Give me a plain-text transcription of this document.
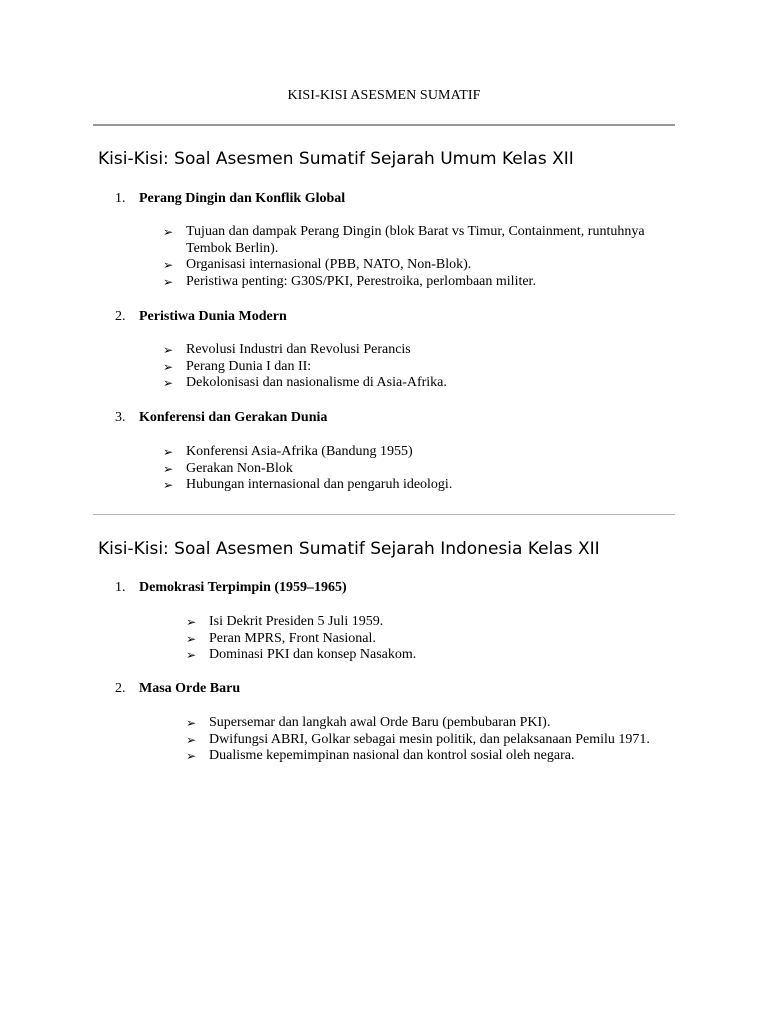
KISI-KISI ASESMEN SUMATIF
Kisi-Kisi: Soal Asesmen Sumatif Sejarah Umum Kelas XII
1. Perang Dingin dan Konflik Global
➢ Tujuan dan dampak Perang Dingin (blok Barat vs Timur, Containment, runtuhnya Tembok Berlin).
➢ Organisasi internasional (PBB, NATO, Non-Blok).
➢ Peristiwa penting: G30S/PKI, Perestroika, perlombaan militer.
2. Peristiwa Dunia Modern
➢ Revolusi Industri dan Revolusi Perancis
➢ Perang Dunia I dan II:
➢ Dekolonisasi dan nasionalisme di Asia-Afrika.
3. Konferensi dan Gerakan Dunia
➢ Konferensi Asia-Afrika (Bandung 1955)
➢ Gerakan Non-Blok
➢ Hubungan internasional dan pengaruh ideologi.
Kisi-Kisi: Soal Asesmen Sumatif Sejarah Indonesia Kelas XII
1. Demokrasi Terpimpin (1959–1965)
➢ Isi Dekrit Presiden 5 Juli 1959.
➢ Peran MPRS, Front Nasional.
➢ Dominasi PKI dan konsep Nasakom.
2. Masa Orde Baru
➢ Supersemar dan langkah awal Orde Baru (pembubaran PKI).
➢ Dwifungsi ABRI, Golkar sebagai mesin politik, dan pelaksanaan Pemilu 1971.
➢ Dualisme kepemimpinan nasional dan kontrol sosial oleh negara.
